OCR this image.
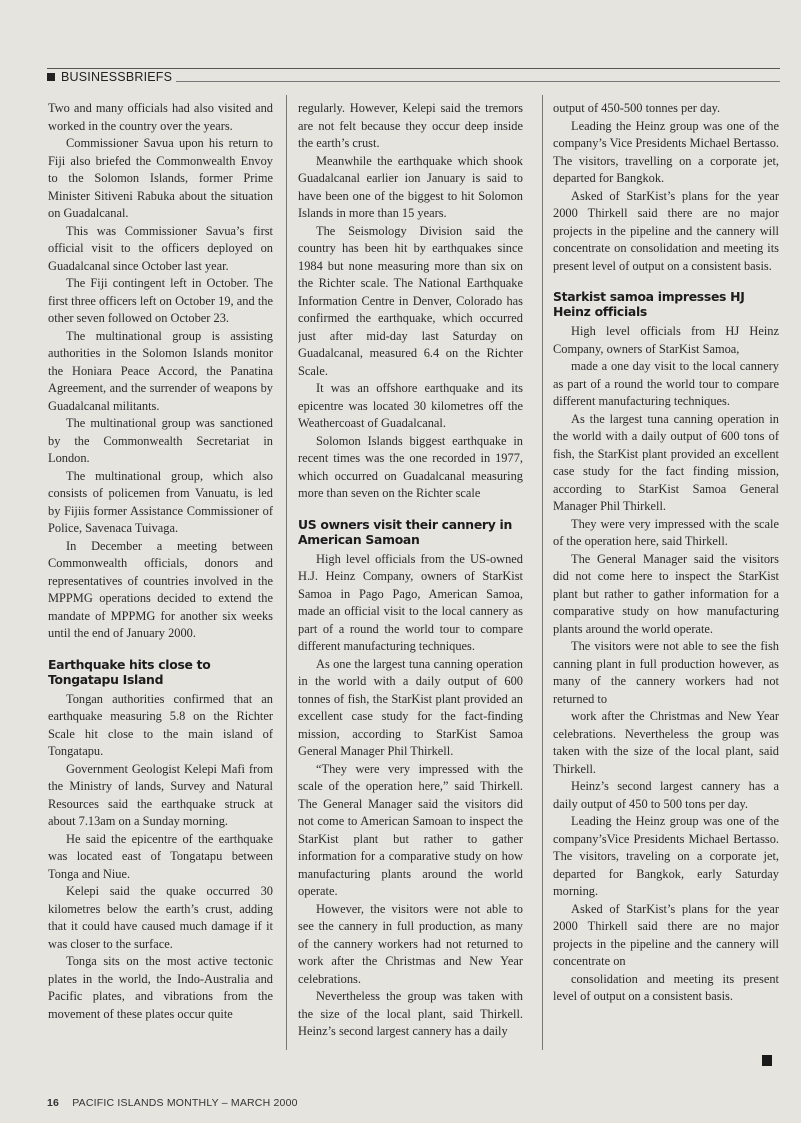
BUSINESSBRIEFS

Two and many officials had also visited and worked in the country over the years.

Commissioner Savua upon his return to Fiji also briefed the Commonwealth Envoy to the Solomon Islands, former Prime Minister Sitiveni Rabuka about the situation on Guadalcanal.

This was Commissioner Savua’s first official visit to the officers deployed on Guadalcanal since October last year.

The Fiji contingent left in October. The first three officers left on October 19, and the other seven followed on October 23.

The multinational group is assisting authorities in the Solomon Islands monitor the Honiara Peace Accord, the Panatina Agreement, and the surrender of weapons by Guadalcanal militants.

The multinational group was sanctioned by the Commonwealth Secretariat in London.

The multinational group, which also consists of policemen from Vanuatu, is led by Fijiis former Assistance Commissioner of Police, Savenaca Tuivaga.

In December a meeting between Commonwealth officials, donors and representatives of countries involved in the MPPMG operations decided to extend the mandate of MPPMG for another six weeks until the end of January 2000.

Earthquake hits close to Tongatapu Island

Tongan authorities confirmed that an earthquake measuring 5.8 on the Richter Scale hit close to the main island of Tongatapu.

Government Geologist Kelepi Mafi from the Ministry of lands, Survey and Natural Resources said the earthquake struck at about 7.13am on a Sunday morning.

He said the epicentre of the earthquake was located east of Tongatapu between Tonga and Niue.

Kelepi said the quake occurred 30 kilometres below the earth’s crust, adding that it could have caused much damage if it was closer to the surface.

Tonga sits on the most active tectonic plates in the world, the Indo-Australia and Pacific plates, and vibrations from the movement of these plates occur quite

regularly. However, Kelepi said the tremors are not felt because they occur deep inside the earth’s crust.

Meanwhile the earthquake which shook Guadalcanal earlier ion January is said to have been one of the biggest to hit Solomon Islands in more than 15 years.

The Seismology Division said the country has been hit by earthquakes since 1984 but none measuring more than six on the Richter scale. The National Earthquake Information Centre in Denver, Colorado has confirmed the earthquake, which occurred just after mid-day last Saturday on Guadalcanal, measured 6.4 on the Richter Scale.

It was an offshore earthquake and its epicentre was located 30 kilometres off the Weathercoast of Guadalcanal.

Solomon Islands biggest earthquake in recent times was the one recorded in 1977, which occurred on Guadalcanal measuring more than seven on the Richter scale

US owners visit their cannery in American Samoan

High level officials from the US-owned H.J. Heinz Company, owners of StarKist Samoa in Pago Pago, American Samoa, made an official visit to the local cannery as part of a round the world tour to compare different manufacturing techniques.

As one the largest tuna canning operation in the world with a daily output of 600 tonnes of fish, the StarKist plant provided an excellent case study for the fact-finding mission, according to StarKist Samoa General Manager Phil Thirkell.

“They were very impressed with the scale of the operation here,” said Thirkell. The General Manager said the visitors did not come to American Samoan to inspect the StarKist plant but rather to gather information for a comparative study on how manufacturing plants around the world operate.

However, the visitors were not able to see the cannery in full production, as many of the cannery workers had not returned to work after the Christmas and New Year celebrations.

Nevertheless the group was taken with the size of the local plant, said Thirkell. Heinz’s second largest cannery has a daily

output of 450-500 tonnes per day.

Leading the Heinz group was one of the company’s Vice Presidents Michael Bertasso. The visitors, travelling on a corporate jet, departed for Bangkok.

Asked of StarKist’s plans for the year 2000 Thirkell said there are no major projects in the pipeline and the cannery will concentrate on consolidation and meeting its present level of output on a consistent basis.

Starkist samoa impresses HJ Heinz officials

High level officials from HJ Heinz Company, owners of StarKist Samoa,

made a one day visit to the local cannery as part of a round the world tour to compare different manufacturing techniques.

As the largest tuna canning operation in the world with a daily output of 600 tons of fish, the StarKist plant provided an excellent case study for the fact finding mission, according to StarKist Samoa General Manager Phil Thirkell.

They were very impressed with the scale of the operation here, said Thirkell.

The General Manager said the visitors did not come here to inspect the StarKist plant but rather to gather information for a comparative study on how manufacturing plants around the world operate.

The visitors were not able to see the fish canning plant in full production however, as many of the cannery workers had not returned to

work after the Christmas and New Year celebrations. Nevertheless the group was taken with the size of the local plant, said Thirkell.

Heinz’s second largest cannery has a daily output of 450 to 500 tons per day.

Leading the Heinz group was one of the company’sVice Presidents Michael Bertasso. The visitors, traveling on a corporate jet, departed for Bangkok, early Saturday morning.

Asked of StarKist’s plans for the year 2000 Thirkell said there are no major projects in the pipeline and the cannery will concentrate on

consolidation and meeting its present level of output on a consistent basis.

16 PACIFIC ISLANDS MONTHLY – MARCH 2000
